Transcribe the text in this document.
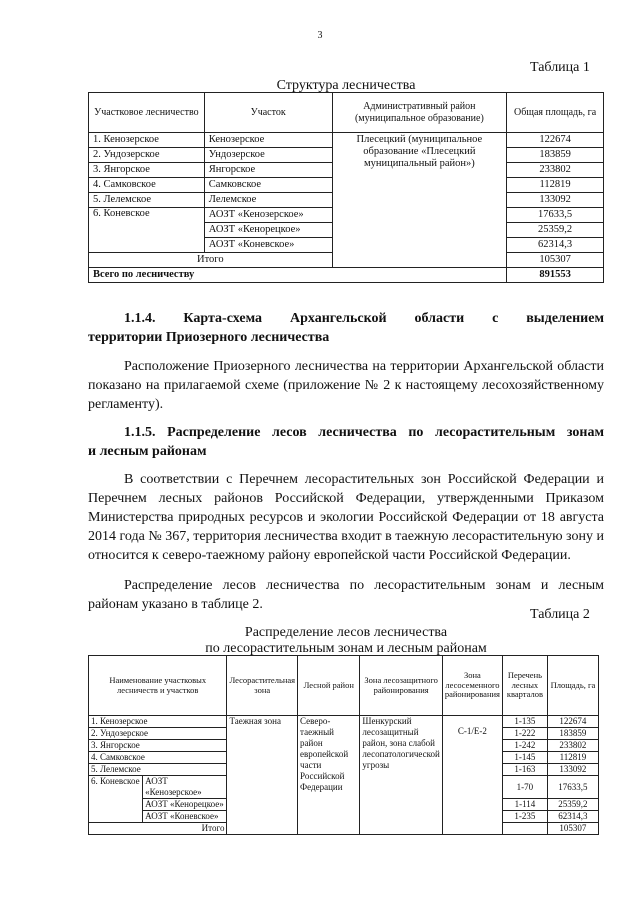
3
Таблица 1
Структура лесничества
Участковое лесничество	Участок	Административный район (муниципальное образование)	Общая площадь, га
1. Кенозерское	Кенозерское	Плесецкий (муниципальное образование «Плесецкий муниципальный район»)	122674
2. Ундозерское	Ундозерское		183859
3. Янгорское	Янгорское		233802
4. Самковское	Самковское		112819
5. Лелемское	Лелемское		133092
6. Коневское	АОЗТ «Кенозерское»		17633,5
	АОЗТ «Кенорецкое»		25359,2
	АОЗТ «Коневское»		62314,3
Итого			105307
Всего по лесничеству			891553
1.1.4. Карта-схема Архангельской области с выделением
территории Приозерного лесничества
Расположение Приозерного лесничества на территории Архангельской области показано на прилагаемой схеме (приложение № 2 к настоящему лесохозяйственному регламенту).
1.1.5. Распределение лесов лесничества по лесорастительным зонам
и лесным районам
В соответствии с Перечнем лесорастительных зон Российской Федерации и Перечнем лесных районов Российской Федерации, утвержденными Приказом Министерства природных ресурсов и экологии Российской Федерации от 18 августа 2014 года № 367, территория лесничества входит в таежную лесорастительную зону и относится к северо-таежному району европейской части Российской Федерации.
Распределение лесов лесничества по лесорастительным зонам и лесным районам указано в таблице 2.
Таблица 2
Распределение лесов лесничества
по лесорастительным зонам и лесным районам
Наименование участковых лесничеств и участков		Лесорастительная зона	Лесной район	Зона лесозащитного районирования	Зона лесосеменного районирования	Перечень лесных кварталов	Площадь, га
1. Кенозерское		Таежная зона	Северо-таежный район европейской части Российской Федерации	Шенкурский лесозащитный район, зона слабой лесопатологической угрозы	С-1/Е-2	1-135	122674
2. Ундозерское						1-222	183859
3. Янгорское						1-242	233802
4. Самковское						1-145	112819
5. Лелемское						1-163	133092
6. Коневское	АОЗТ «Кенозерское»					1-70	17633,5
	АОЗТ «Кенорецкое»					1-114	25359,2
	АОЗТ «Коневское»					1-235	62314,3
Итого							105307
